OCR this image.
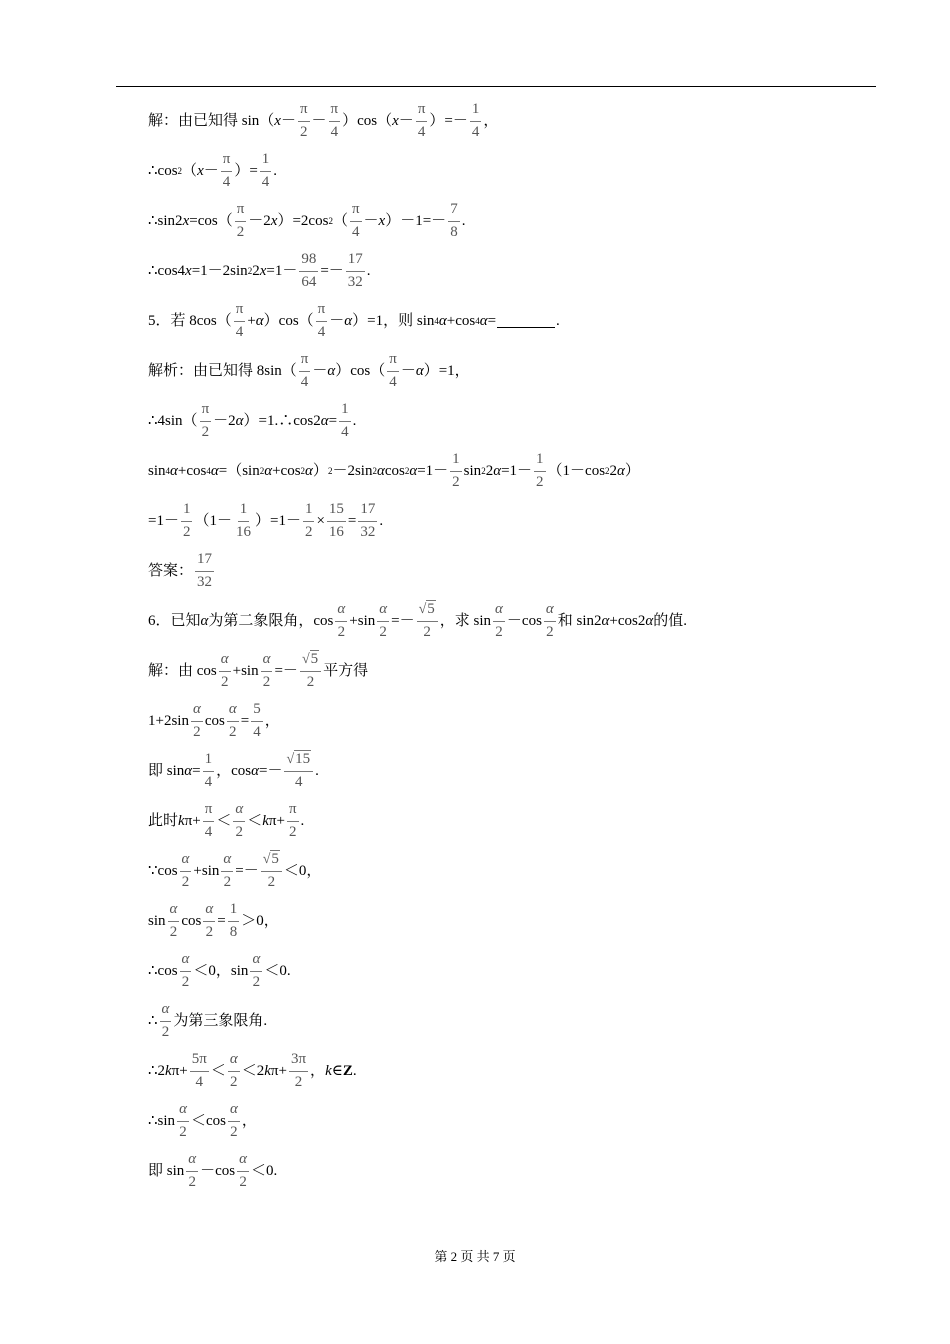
解：由已知得 sin（ x －
π
2
－
π
4
）cos（ x －
π
4
）=－
1
4
，
∴cos 2 （ x －
π
4
）=
1
4
.
∴sin2 x =cos（
π
2
－2 x ）=2cos 2 （
π
4
－ x ）－1=－
7
8
.
∴cos4 x =1－2sin 2 2 x =1－
98
64
=－
17
32
.
5．若 8cos（
π
4
+ α ）cos（
π
4
－ α ）=1，则 sin 4 α +cos 4 α =	.
解析：由已知得 8sin（
π
4
－ α ）cos（
π
4
－ α ）=1，
∴4sin（
π
2
－2 α ）=1.∴cos2 α =
1
4
.
sin 4 α +cos 4 α =（sin 2 α +cos 2 α ） 2 －2sin 2 α cos 2 α =1－
1
2
sin 2 2 α =1－
1
2
（1－cos 2 2 α ）
=1－
1
2
（1－
1
16
）=1－
1
2
×
15
16
=
17
32
.
答案：
17
32
6．已知 α 为第二象限角，cos
α
2
+sin
α
2
=－
√5
2
，求 sin
α
2
－cos
α
2
和 sin2 α +cos2 α 的值.
解：由 cos
α
2
+sin
α
2
=－
√5
2
平方得
1+2sin
α
2
cos
α
2
=
5
4
，
即 sin α =
1
4
，cos α =－
√15
4
.
此时 k π+
π
4
＜
α
2
＜ k π+
π
2
.
∵cos
α
2
+sin
α
2
=－
√5
2
＜0，
sin
α
2
cos
α
2
=
1
8
＞0，
∴cos
α
2
＜0，sin
α
2
＜0.
∴
α
2
为第三象限角.
∴2 k π+
5π
4
＜
α
2
＜2 k π+
3π
2
， k ∈ Z .
∴sin
α
2
＜cos
α
2
，
即 sin
α
2
－cos
α
2
＜0.
第 2 页 共 7 页
